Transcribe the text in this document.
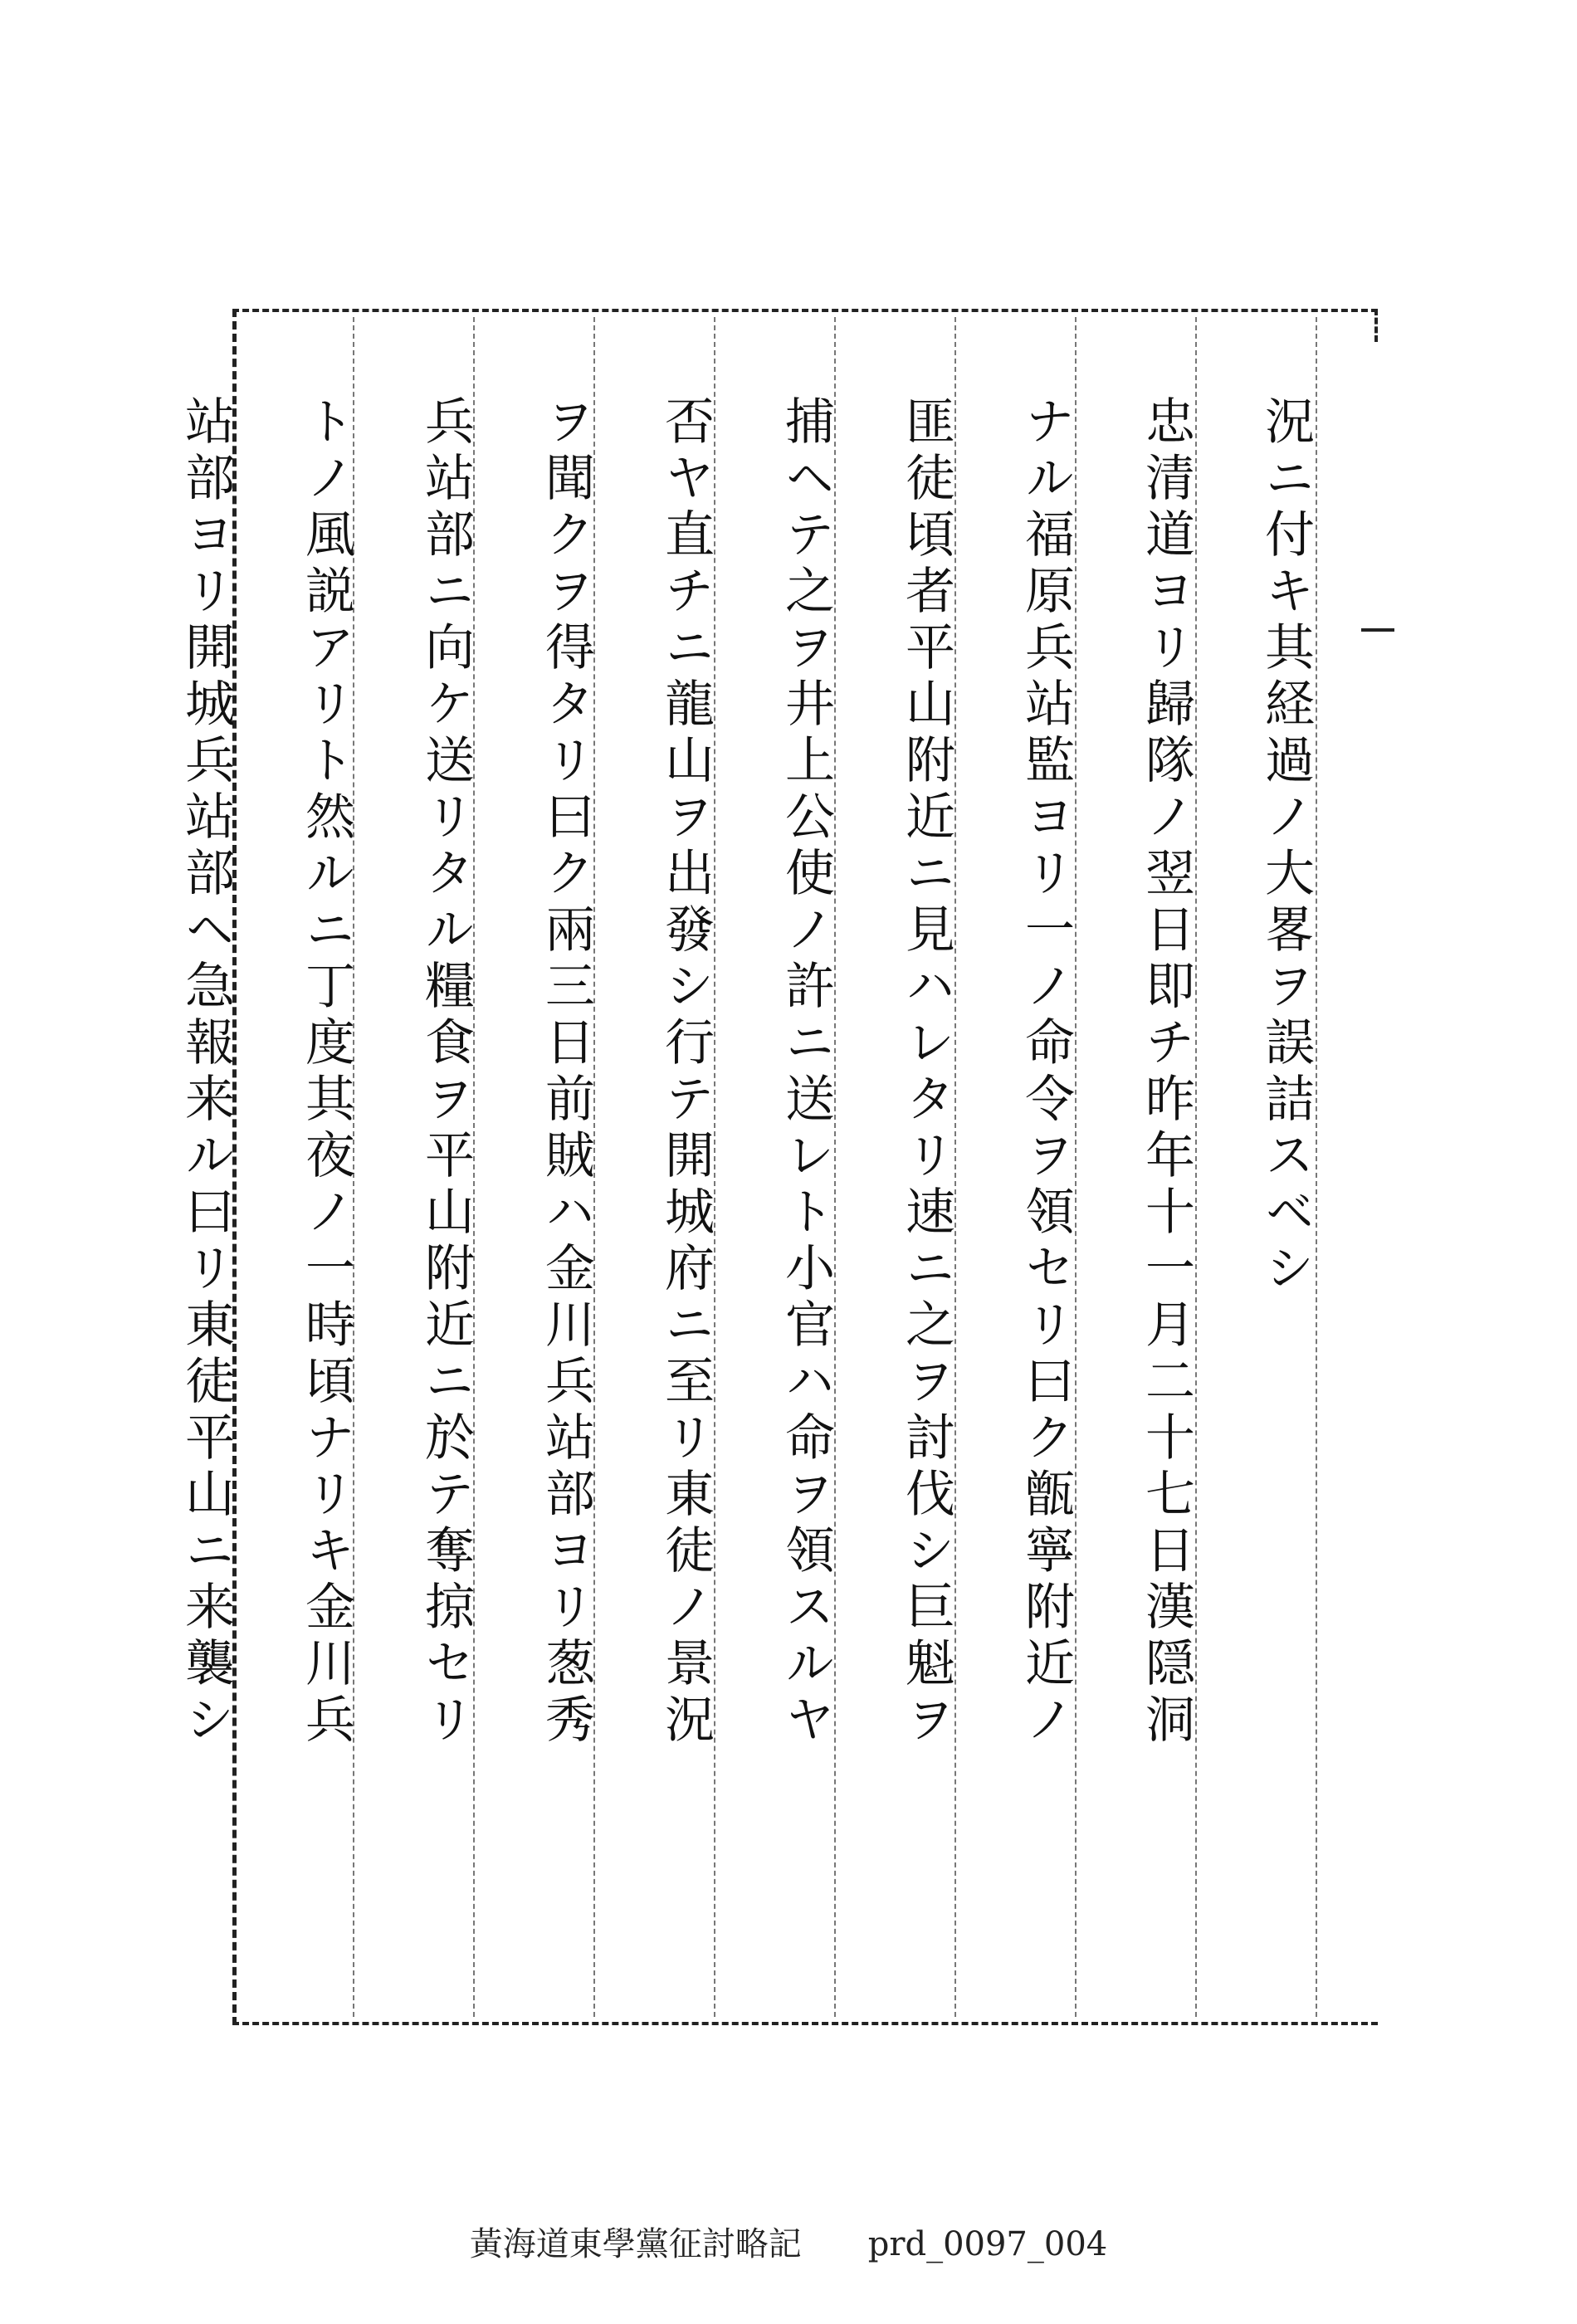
況ニ付キ其経過ノ大畧ヲ誤詰スベシ
忠清道ヨリ歸隊ノ翌日即チ昨年十一月二十七日漢隠洞
ナル福原兵站監ヨリ一ノ命令ヲ領セリ曰ク甑寧附近ノ
匪徒頃者平山附近ニ見ハレタリ速ニ之ヲ討伐シ巨魁ヲ
捕ヘテ之ヲ井上公使ノ許ニ送レト小官ハ命ヲ領スルヤ
否ヤ直チニ龍山ヲ出發シ行テ開城府ニ至リ東徒ノ景況
ヲ聞クヲ得タリ曰ク兩三日前賊ハ金川兵站部ヨリ葱秀
兵站部ニ向ケ送リタル糧食ヲ平山附近ニ於テ奪掠セリ
トノ風説アリト然ルニ丁度其夜ノ一時頃ナリキ金川兵
站部ヨリ開城兵站部ヘ急報来ル曰リ東徒平山ニ来襲シ
黃海道東學黨征討略記 prd_0097_004
